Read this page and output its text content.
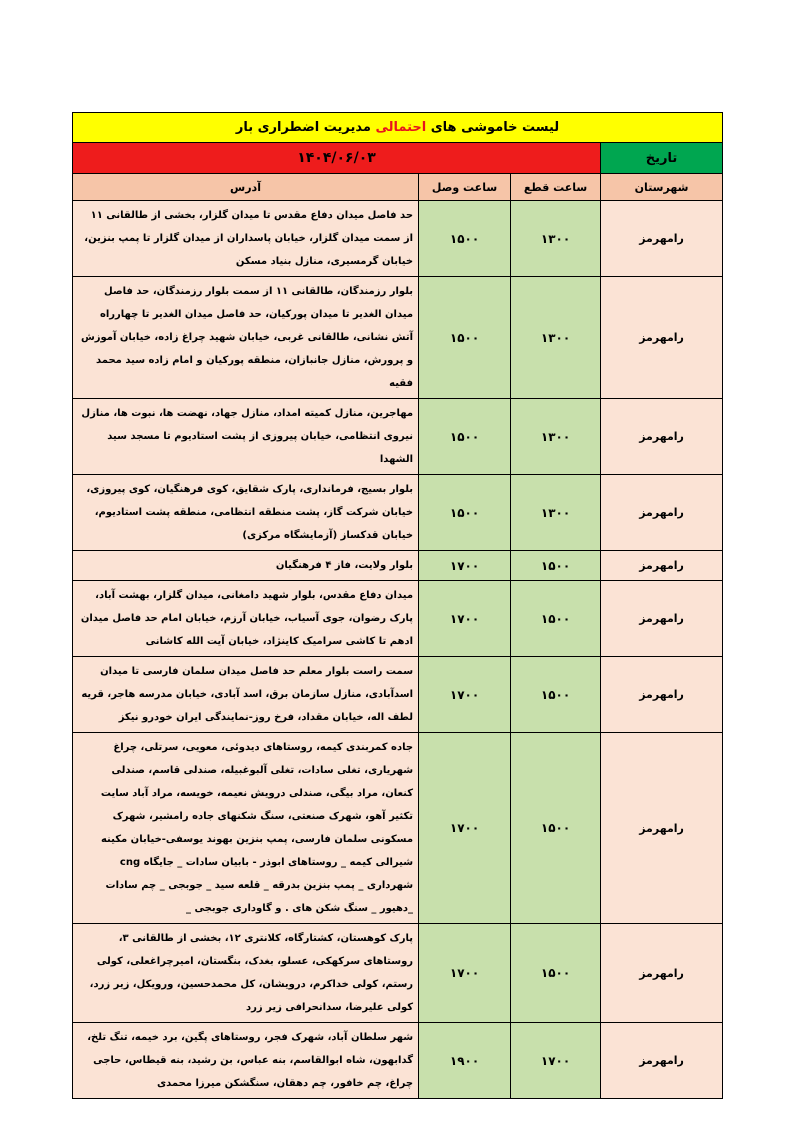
لیست خاموشی های احتمالی مدیریت اضطراری بار			
تاریخ	۱۴۰۴/۰۶/۰۳		
شهرستان	ساعت قطع	ساعت وصل	آدرس
رامهرمز	۱۳۰۰	۱۵۰۰	حد فاصل میدان دفاع مقدس تا میدان گلزار، بخشی از طالقانی ۱۱ از سمت میدان گلزار، خیابان پاسداران از میدان گلزار تا پمپ بنزین، خیابان گرمسیری، منازل بنیاد مسکن
رامهرمز	۱۳۰۰	۱۵۰۰	بلوار رزمندگان، طالقانی ۱۱ از سمت بلوار رزمندگان، حد فاصل میدان الغدیر تا میدان پورکیان، حد فاصل میدان الغدیر تا چهارراه آتش نشانی، طالقانی غربی، خیابان شهید چراغ زاده، خیابان آموزش و پرورش، منازل جانبازان، منطقه پورکیان و امام زاده سید محمد فقیه
رامهرمز	۱۳۰۰	۱۵۰۰	مهاجرین، منازل کمیته امداد، منازل جهاد، نهضت ها، نبوت ها، منازل نیروی انتظامی، خیابان پیروزی از پشت استادیوم تا مسجد سید الشهدا
رامهرمز	۱۳۰۰	۱۵۰۰	بلوار بسیج، فرمانداری، پارک شقایق، کوی فرهنگیان، کوی پیروزی، خیابان شرکت گاز، پشت منطقه انتظامی، منطقه پشت استادیوم، خیابان قدکساز (آزمایشگاه مرکزی)
رامهرمز	۱۵۰۰	۱۷۰۰	بلوار ولایت، فاز ۴ فرهنگیان
رامهرمز	۱۵۰۰	۱۷۰۰	میدان دفاع مقدس، بلوار شهید دامغانی، میدان گلزار، بهشت آباد، پارک رضوان، جوی آسیاب، خیابان آرزم، خیابان امام حد فاصل میدان ادهم تا کاشی سرامیک کاینژاد، خیابان آیت الله کاشانی
رامهرمز	۱۵۰۰	۱۷۰۰	سمت راست بلوار معلم حد فاصل میدان سلمان فارسی تا میدان اسدآبادی، منازل سازمان برق، اسد آبادی، خیابان مدرسه هاجر، قریه لطف اله، خیابان مقداد، فرخ روز-نمایندگی ایران خودرو نیکز
رامهرمز	۱۵۰۰	۱۷۰۰	جاده کمربندی کیمه، روستاهای دیدوئی، معویی، سرتلی، چراغ شهریاری، تغلی سادات، تغلی آلبوغبیله، صندلی قاسم، صندلی کنعان، مراد بیگی، صندلی درویش نعیمه، خویسه، مراد آباد سایت تکثیر آهو، شهرک صنعتی، سنگ شکنهای جاده رامشیر، شهرک مسکونی سلمان فارسی، پمپ بنزین بهوند یوسفی-خیابان مکینه شیرالی کیمه _ روستاهای ابوذر - بابیان سادات _ جایگاه cng شهرداری _ پمپ بنزین بدرقه _ قلعه سید _ جوبجی _ چم سادات _دهیور _ سنگ شکن های . و گاوداری جوبجی _
رامهرمز	۱۵۰۰	۱۷۰۰	پارک کوهستان، کشتارگاه، کلانتری ۱۲، بخشی از طالقانی ۳، روستاهای سرکهکی، عسلو، بغدک، بنگستان، امیرچراغعلی، کولی رستم، کولی خداکرم، درویشان، کل محمدحسین، ورویکل، زیر زرد، کولی علیرضا، سدانحرافی زیر زرد
رامهرمز	۱۷۰۰	۱۹۰۰	شهر سلطان آباد، شهرک فجر، روستاهای پگین، برد خیمه، تنگ تلخ، گدابهون، شاه ابوالقاسم، بنه عباس، بن رشید، بنه قیطاس، حاجی چراغ، چم خافور، چم دهقان، سنگشکن میرزا محمدی
